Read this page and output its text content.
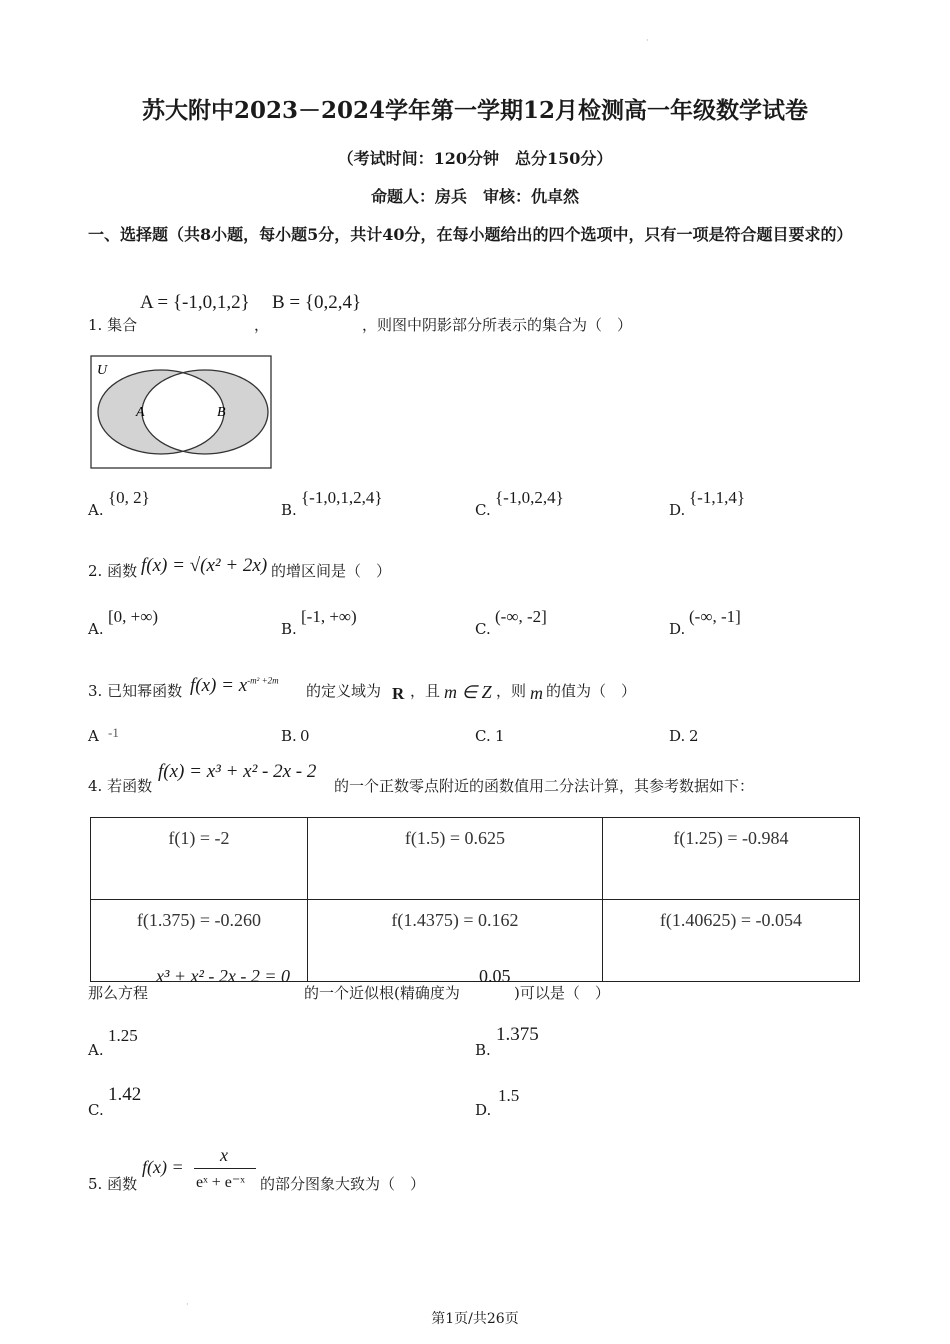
·
苏大附中2023－2024学年第一学期12月检测高一年级数学试卷
（考试时间：120分钟　总分150分）
命题人：房兵　审核：仇卓然
一、选择题（共8小题，每小题5分，共计40分，在每小题给出的四个选项中，只有一项是符合题目要求的）
1. 集合
A = {-1,0,1,2}
，
B = {0,2,4}
，则图中阴影部分所表示的集合为（　）
U
A	B
A.
{0, 2}
B.
{-1,0,1,2,4}
C.
{-1,0,2,4}
D.
{-1,1,4}
2. 函数 f(x) = √(x² + 2x) 的增区间是（　）
A.
[0, +∞)
B.
[-1, +∞)
C.
(-∞, -2]
D.
(-∞, -1]
3. 已知幂函数 $f(x) = x^{-m^2 +2m}$
的定义域为 R ，且 m ∈ Z ，则 m 的值为（　）
A -1	B. 0	C. 1	D. 2
4. 若函数
f(x) = x³ + x² - 2x - 2
的一个正数零点附近的函数值用二分法计算，其参考数据如下：
f(1) = -2	f(1.5) = 0.625	f(1.25) = -0.984
f(1.375) = -0.260	f(1.4375) = 0.162	f(1.40625) = -0.054
那么方程
x³ + x² - 2x - 2 = 0
的一个近似根(精确度为
0.05
)可以是（　）
A.
1.25
B.
1.375
C.
1.42
D.
1.5
5. 函数
f(x) =
x
eˣ + e⁻ˣ 的部分图象大致为（　）
·
第1页/共26页
